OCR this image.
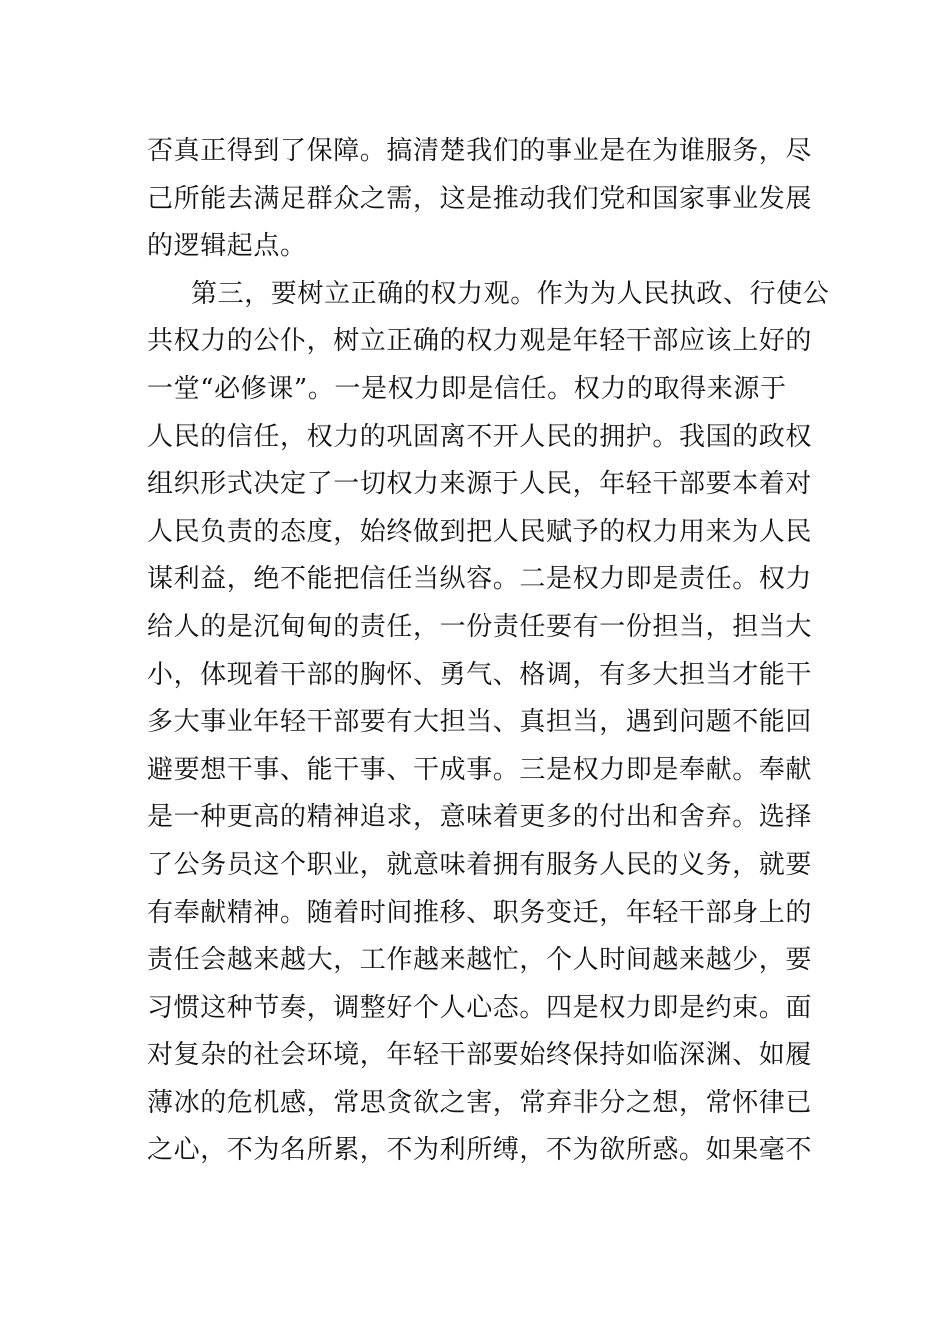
否真正得到了保障。搞清楚我们的事业是在为谁服务，尽
己所能去满足群众之需，这是推动我们党和国家事业发展
的逻辑起点。
第三，要树立正确的权力观。作为为人民执政、行使公
共权力的公仆，树立正确的权力观是年轻干部应该上好的
一堂“必修课”。一是权力即是信任。权力的取得来源于
人民的信任，权力的巩固离不开人民的拥护。我国的政权
组织形式决定了一切权力来源于人民，年轻干部要本着对
人民负责的态度，始终做到把人民赋予的权力用来为人民
谋利益，绝不能把信任当纵容。二是权力即是责任。权力
给人的是沉甸甸的责任，一份责任要有一份担当，担当大
小，体现着干部的胸怀、勇气、格调，有多大担当才能干
多大事业年轻干部要有大担当、真担当，遇到问题不能回
避要想干事、能干事、干成事。三是权力即是奉献。奉献
是一种更高的精神追求，意味着更多的付出和舍弃。选择
了公务员这个职业，就意味着拥有服务人民的义务，就要
有奉献精神。随着时间推移、职务变迁，年轻干部身上的
责任会越来越大，工作越来越忙，个人时间越来越少，要
习惯这种节奏，调整好个人心态。四是权力即是约束。面
对复杂的社会环境，年轻干部要始终保持如临深渊、如履
薄冰的危机感，常思贪欲之害，常弃非分之想，常怀律已
之心，不为名所累，不为利所缚，不为欲所惑。如果毫不
